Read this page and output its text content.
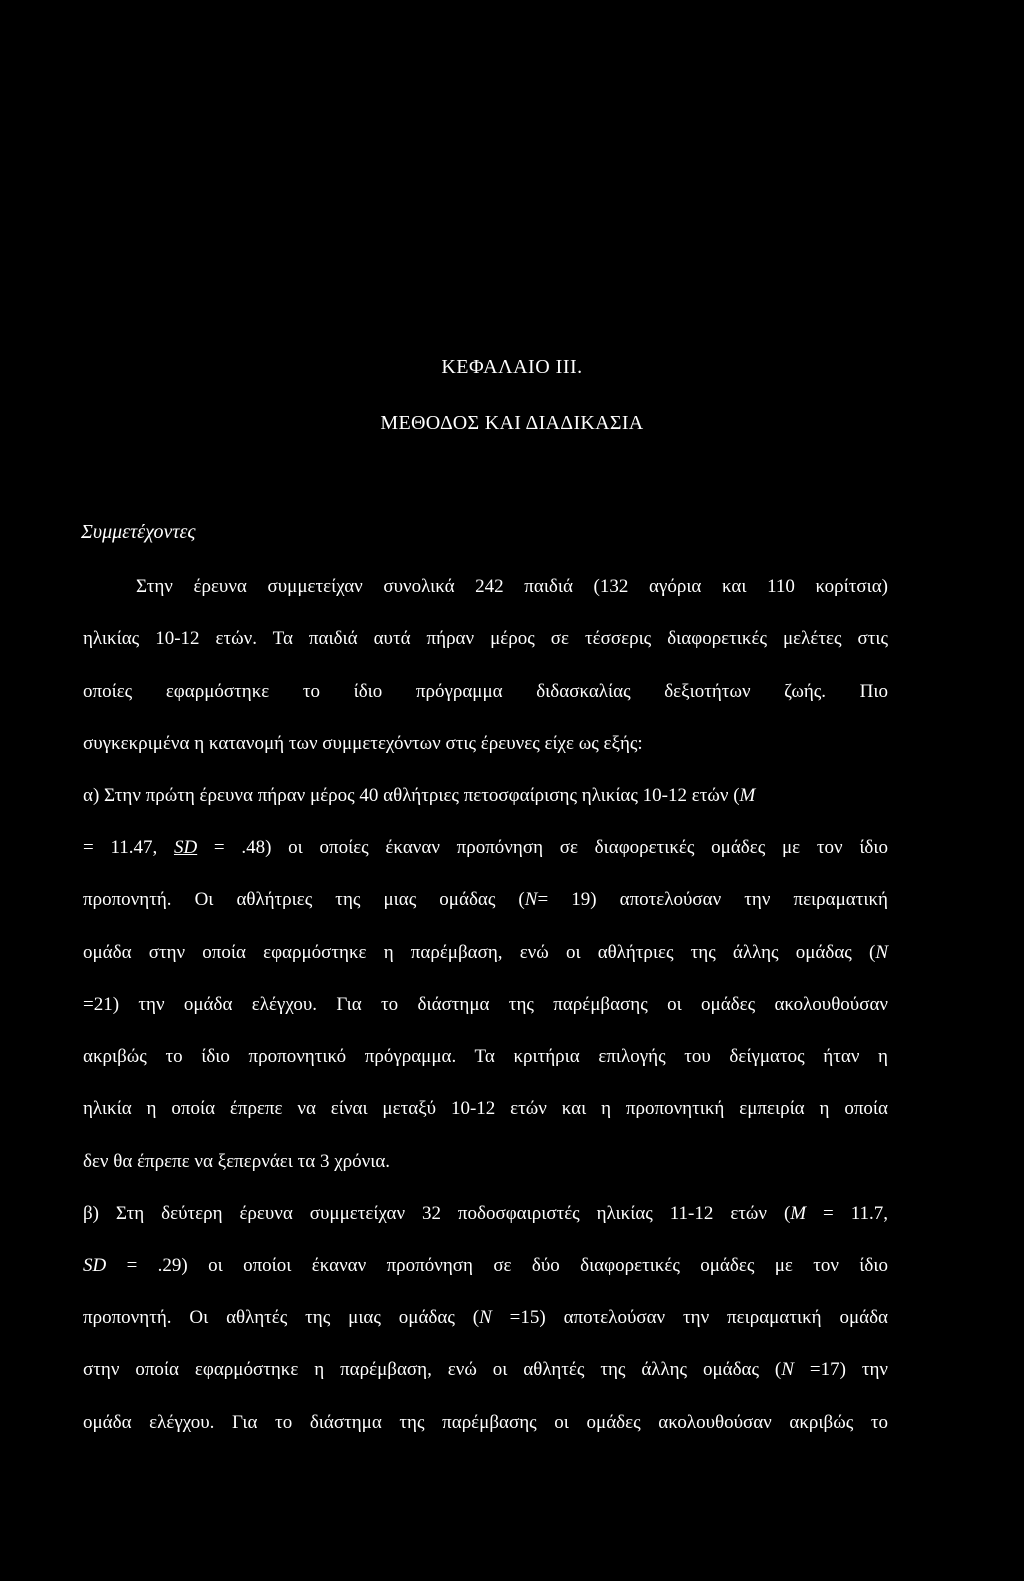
ΚΕΦΑΛΑΙΟ III.
ΜΕΘΟΔΟΣ ΚΑΙ ΔΙΑΔΙΚΑΣΙΑ
Συμμετέχοντες
Στην έρευνα συμμετείχαν συνολικά 242 παιδιά (132 αγόρια και 110 κορίτσια)
ηλικίας 10-12 ετών. Τα παιδιά αυτά πήραν μέρος σε τέσσερις διαφορετικές μελέτες στις
οποίες εφαρμόστηκε το ίδιο πρόγραμμα διδασκαλίας δεξιοτήτων ζωής. Πιο
συγκεκριμένα η κατανομή των συμμετεχόντων στις έρευνες είχε ως εξής:
α) Στην πρώτη έρευνα πήραν μέρος 40 αθλήτριες πετοσφαίρισης ηλικίας 10-12 ετών (M
= 11.47, SD = .48) οι οποίες έκαναν προπόνηση σε διαφορετικές ομάδες με τον ίδιο
προπονητή. Οι αθλήτριες της μιας ομάδας (N= 19) αποτελούσαν την πειραματική
ομάδα στην οποία εφαρμόστηκε η παρέμβαση, ενώ οι αθλήτριες της άλλης ομάδας (N
=21) την ομάδα ελέγχου. Για το διάστημα της παρέμβασης οι ομάδες ακολουθούσαν
ακριβώς το ίδιο προπονητικό πρόγραμμα. Τα κριτήρια επιλογής του δείγματος ήταν η
ηλικία η οποία έπρεπε να είναι μεταξύ 10-12 ετών και η προπονητική εμπειρία η οποία
δεν θα έπρεπε να ξεπερνάει τα 3 χρόνια.
β) Στη δεύτερη έρευνα συμμετείχαν 32 ποδοσφαιριστές ηλικίας 11-12 ετών (M = 11.7,
SD = .29) οι οποίοι έκαναν προπόνηση σε δύο διαφορετικές ομάδες με τον ίδιο
προπονητή. Οι αθλητές της μιας ομάδας (N =15) αποτελούσαν την πειραματική ομάδα
στην οποία εφαρμόστηκε η παρέμβαση, ενώ οι αθλητές της άλλης ομάδας (N =17) την
ομάδα ελέγχου. Για το διάστημα της παρέμβασης οι ομάδες ακολουθούσαν ακριβώς το
